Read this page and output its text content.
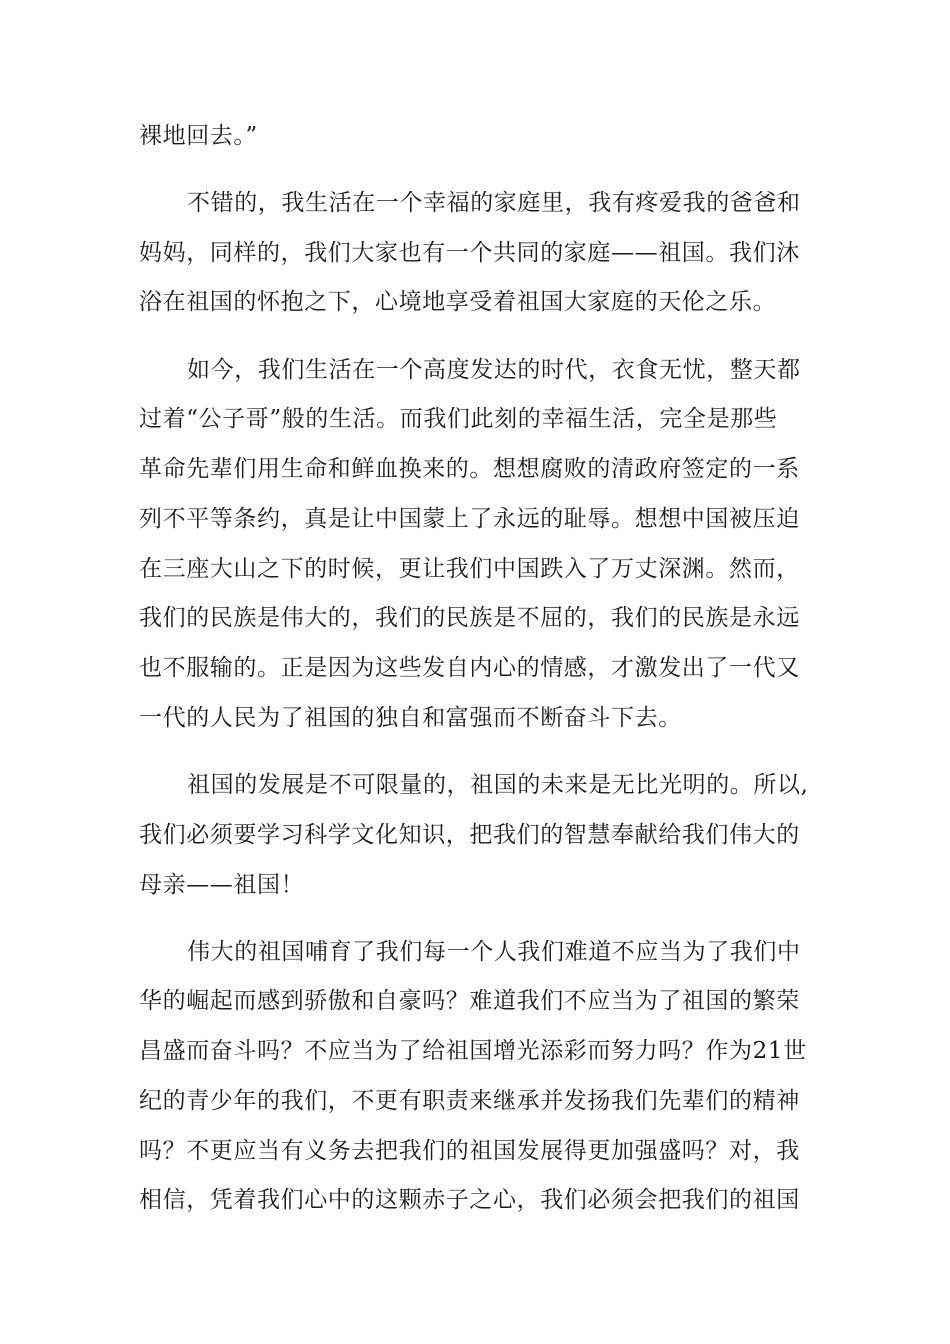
裸地回去。”
不错的，我生活在一个幸福的家庭里，我有疼爱我的爸爸和
妈妈，同样的，我们大家也有一个共同的家庭——祖国。我们沐
浴在祖国的怀抱之下，心境地享受着祖国大家庭的天伦之乐。
如今，我们生活在一个高度发达的时代，衣食无忧，整天都
过着“公子哥”般的生活。而我们此刻的幸福生活，完全是那些
革命先辈们用生命和鲜血换来的。想想腐败的清政府签定的一系
列不平等条约，真是让中国蒙上了永远的耻辱。想想中国被压迫
在三座大山之下的时候，更让我们中国跌入了万丈深渊。然而，
我们的民族是伟大的，我们的民族是不屈的，我们的民族是永远
也不服输的。正是因为这些发自内心的情感，才激发出了一代又
一代的人民为了祖国的独自和富强而不断奋斗下去。
祖国的发展是不可限量的，祖国的未来是无比光明的。所以,
我们必须要学习科学文化知识，把我们的智慧奉献给我们伟大的
母亲——祖国！
伟大的祖国哺育了我们每一个人我们难道不应当为了我们中
华的崛起而感到骄傲和自豪吗？难道我们不应当为了祖国的繁荣
昌盛而奋斗吗？不应当为了给祖国增光添彩而努力吗？作为21世
纪的青少年的我们，不更有职责来继承并发扬我们先辈们的精神
吗？不更应当有义务去把我们的祖国发展得更加强盛吗？对，我
相信，凭着我们心中的这颗赤子之心，我们必须会把我们的祖国
